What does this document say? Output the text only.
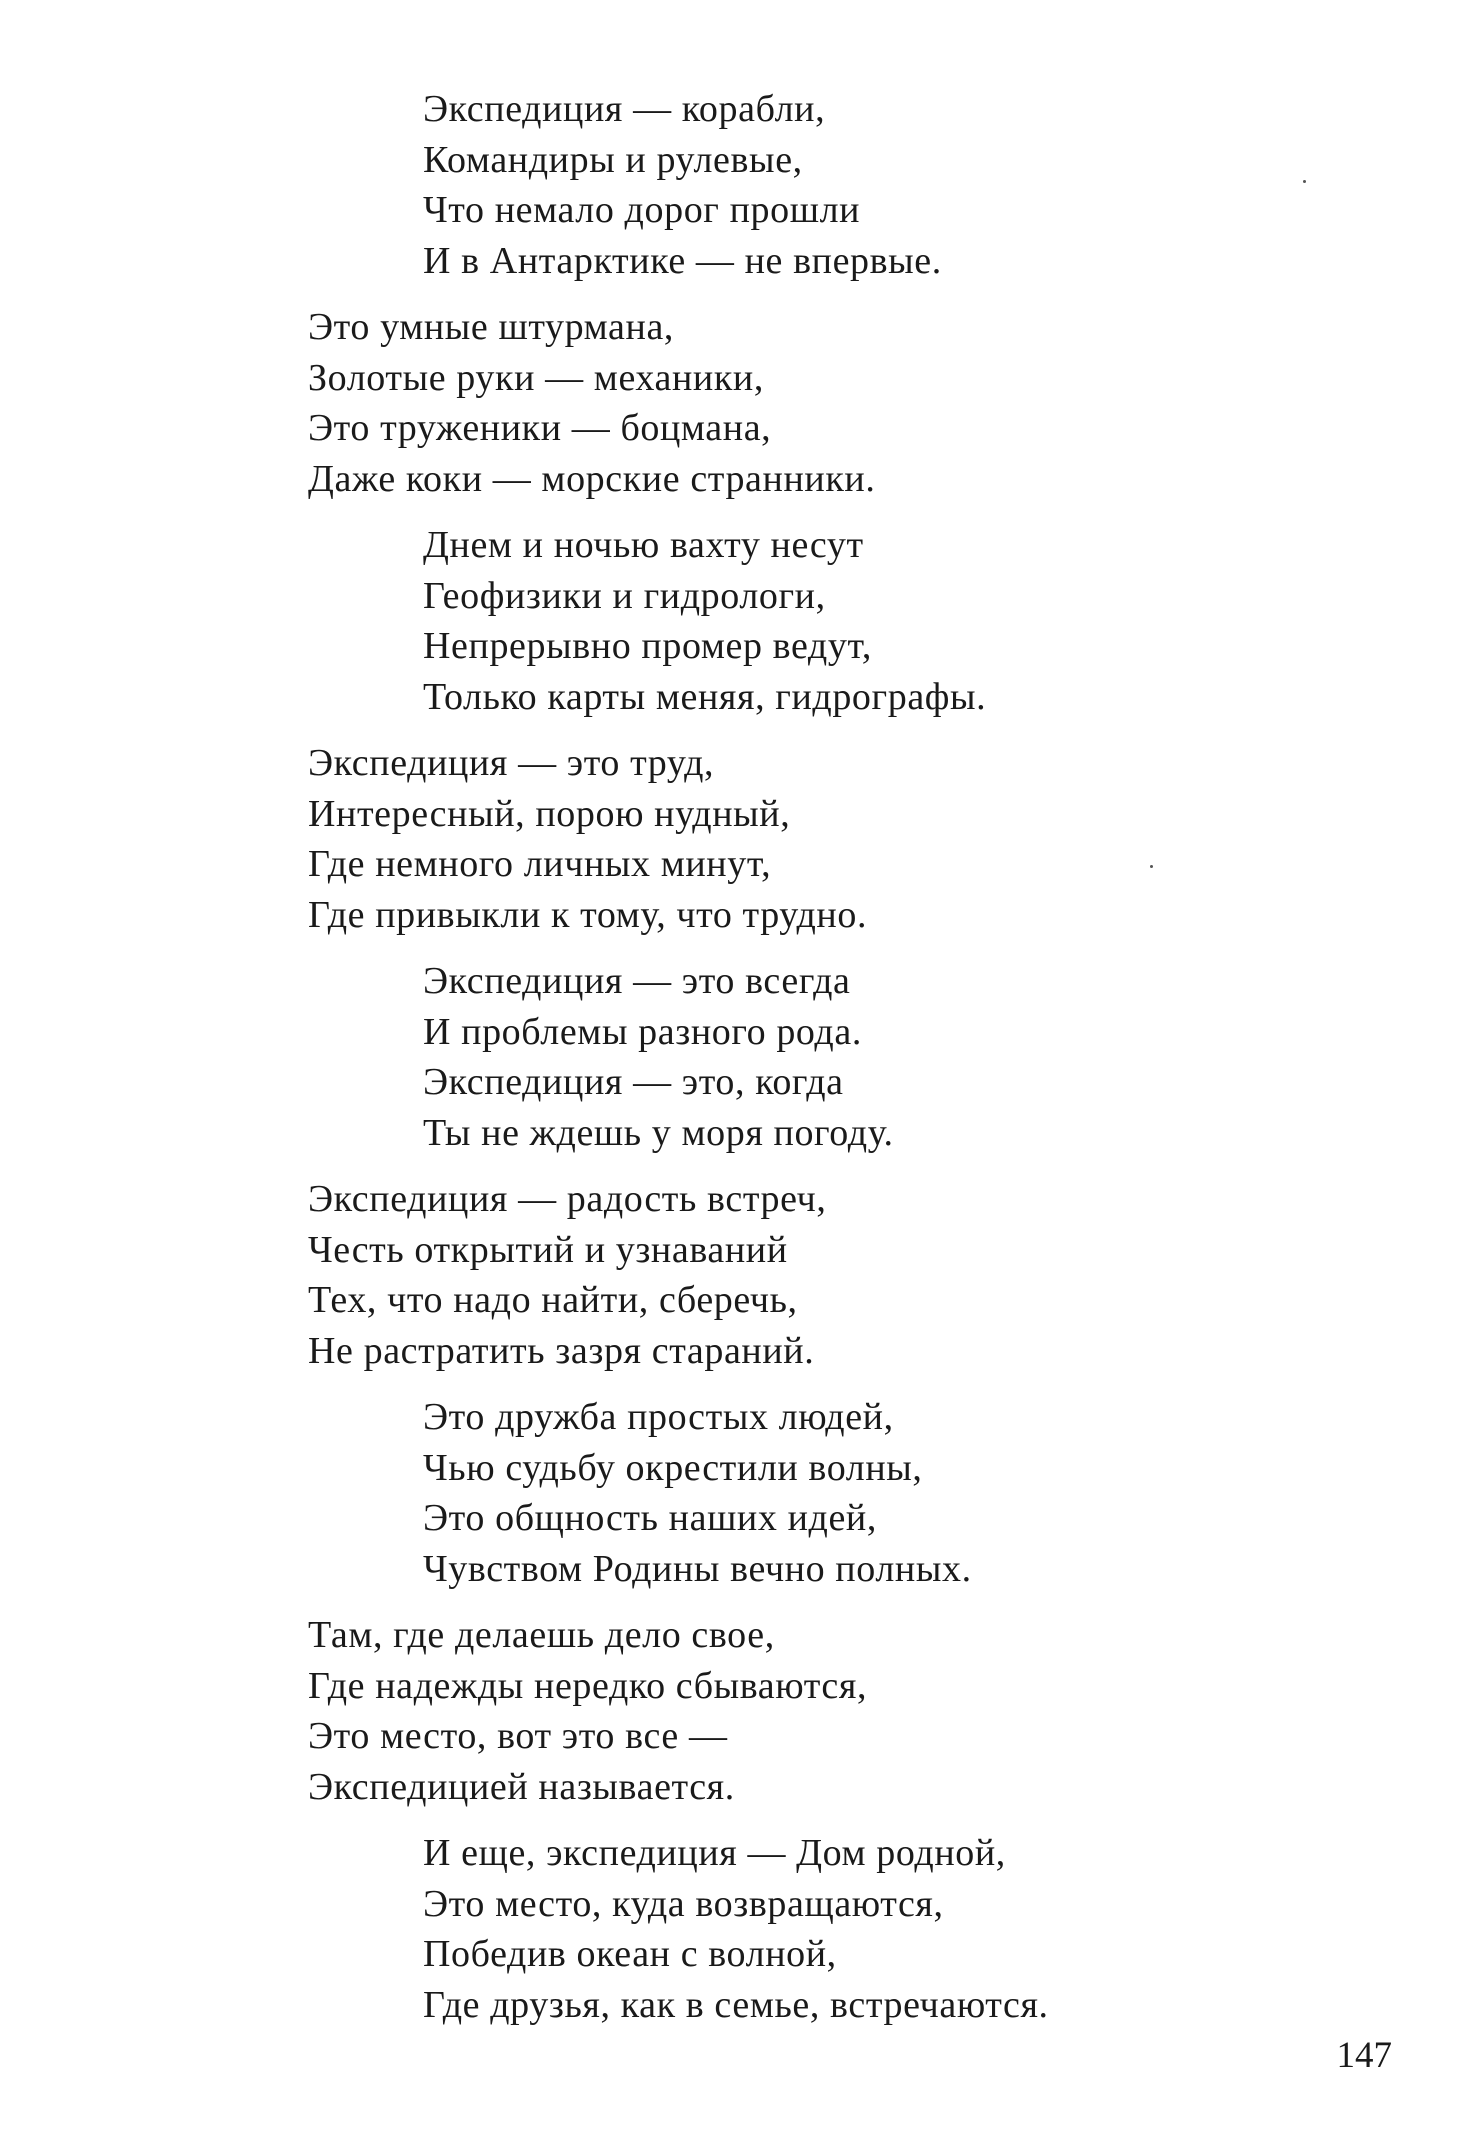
Экспедиция — корабли,
Командиры и рулевые,
Что немало дорог прошли
И в Антарктике — не впервые.
Это умные штурмана,
Золотые руки — механики,
Это труженики — боцмана,
Даже коки — морские странники.
Днем и ночью вахту несут
Геофизики и гидрологи,
Непрерывно промер ведут,
Только карты меняя, гидрографы.
Экспедиция — это труд,
Интересный, порою нудный,
Где немного личных минут,
Где привыкли к тому, что трудно.
Экспедиция — это всегда
И проблемы разного рода.
Экспедиция — это, когда
Ты не ждешь у моря погоду.
Экспедиция — радость встреч,
Честь открытий и узнаваний
Тех, что надо найти, сберечь,
Не растратить зазря стараний.
Это дружба простых людей,
Чью судьбу окрестили волны,
Это общность наших идей,
Чувством Родины вечно полных.
Там, где делаешь дело свое,
Где надежды нередко сбываются,
Это место, вот это все —
Экспедицией называется.
И еще, экспедиция — Дом родной,
Это место, куда возвращаются,
Победив океан с волной,
Где друзья, как в семье, встречаются.
147
